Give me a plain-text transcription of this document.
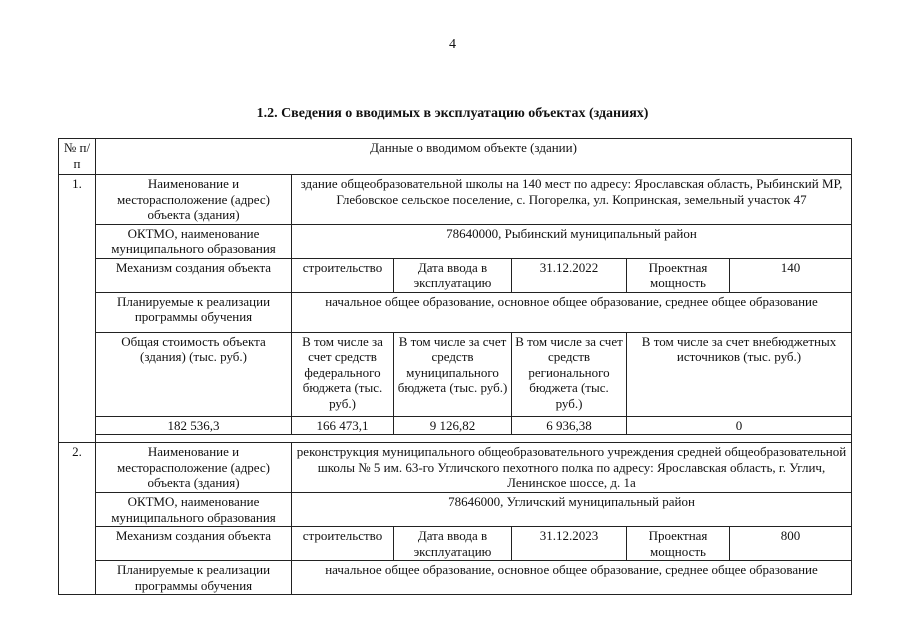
4
1.2. Сведения о вводимых в эксплуатацию объектах (зданиях)
№ п/п	Данные о вводимом объекте (здании)					
1.	Наименование и месторасположение (адрес) объекта (здания)	здание общеобразовательной школы на 140 мест по адресу: Ярославская область, Рыбинский МР, Глебовское сельское поселение, с. Погорелка, ул. Копринская, земельный участок 47				
	ОКТМО, наименование муниципального образования	78640000, Рыбинский муниципальный район				
	Механизм создания объекта	строительство	Дата ввода в эксплуатацию	31.12.2022	Проектная мощность	140
	Планируемые к реализации программы обучения	начальное общее образование, основное общее образование, среднее общее образование				
	Общая стоимость объекта (здания) (тыс. руб.)	В том числе за счет средств федерального бюджета (тыс. руб.)	В том числе за счет средств муниципального бюджета (тыс. руб.)	В том числе за счет средств регионального бюджета (тыс. руб.)	В том числе за счет внебюджетных источников (тыс. руб.)	
	182 536,3	166 473,1	9 126,82	6 936,38	0	

2.	Наименование и месторасположение (адрес) объекта (здания)	реконструкция муниципального общеобразовательного учреждения средней общеобразовательной школы № 5 им. 63-го Угличского пехотного полка по адресу: Ярославская область, г. Углич, Ленинское шоссе, д. 1а				
	ОКТМО, наименование муниципального образования	78646000, Угличский муниципальный район				
	Механизм создания объекта	строительство	Дата ввода в эксплуатацию	31.12.2023	Проектная мощность	800
	Планируемые к реализации программы обучения	начальное общее образование, основное общее образование, среднее общее образование				
